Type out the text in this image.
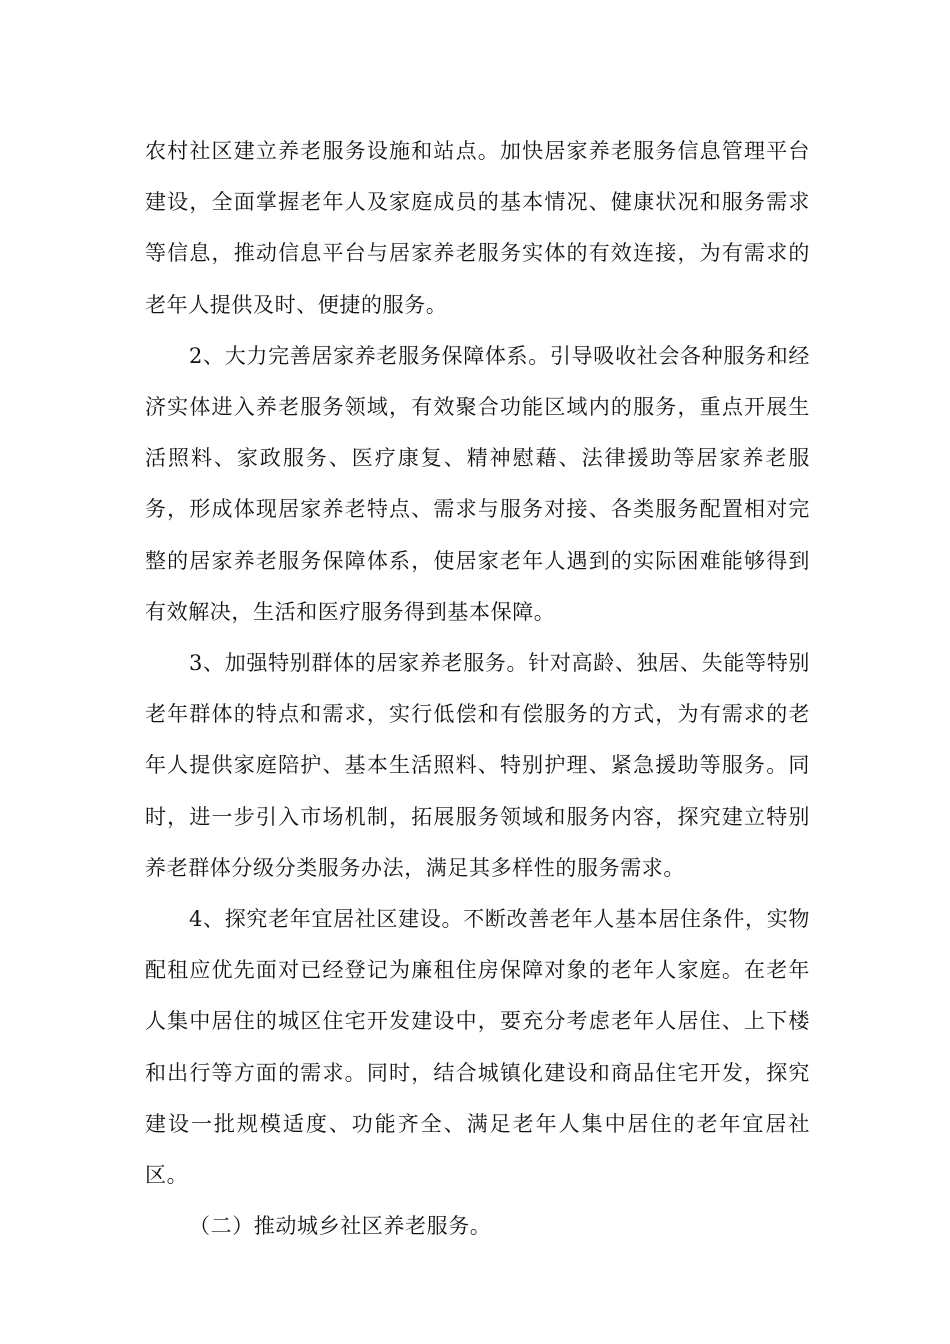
农村社区建立养老服务设施和站点。加快居家养老服务信息管理平台建设，全面掌握老年人及家庭成员的基本情况、健康状况和服务需求等信息，推动信息平台与居家养老服务实体的有效连接，为有需求的老年人提供及时、便捷的服务。

2、大力完善居家养老服务保障体系。引导吸收社会各种服务和经济实体进入养老服务领域，有效聚合功能区域内的服务，重点开展生活照料、家政服务、医疗康复、精神慰藉、法律援助等居家养老服务，形成体现居家养老特点、需求与服务对接、各类服务配置相对完整的居家养老服务保障体系，使居家老年人遇到的实际困难能够得到有效解决，生活和医疗服务得到基本保障。

3、加强特别群体的居家养老服务。针对高龄、独居、失能等特别老年群体的特点和需求，实行低偿和有偿服务的方式，为有需求的老年人提供家庭陪护、基本生活照料、特别护理、紧急援助等服务。同时，进一步引入市场机制，拓展服务领域和服务内容，探究建立特别养老群体分级分类服务办法，满足其多样性的服务需求。

4、探究老年宜居社区建设。不断改善老年人基本居住条件，实物配租应优先面对已经登记为廉租住房保障对象的老年人家庭。在老年人集中居住的城区住宅开发建设中，要充分考虑老年人居住、上下楼和出行等方面的需求。同时，结合城镇化建设和商品住宅开发，探究建设一批规模适度、功能齐全、满足老年人集中居住的老年宜居社区。

（二）推动城乡社区养老服务。
